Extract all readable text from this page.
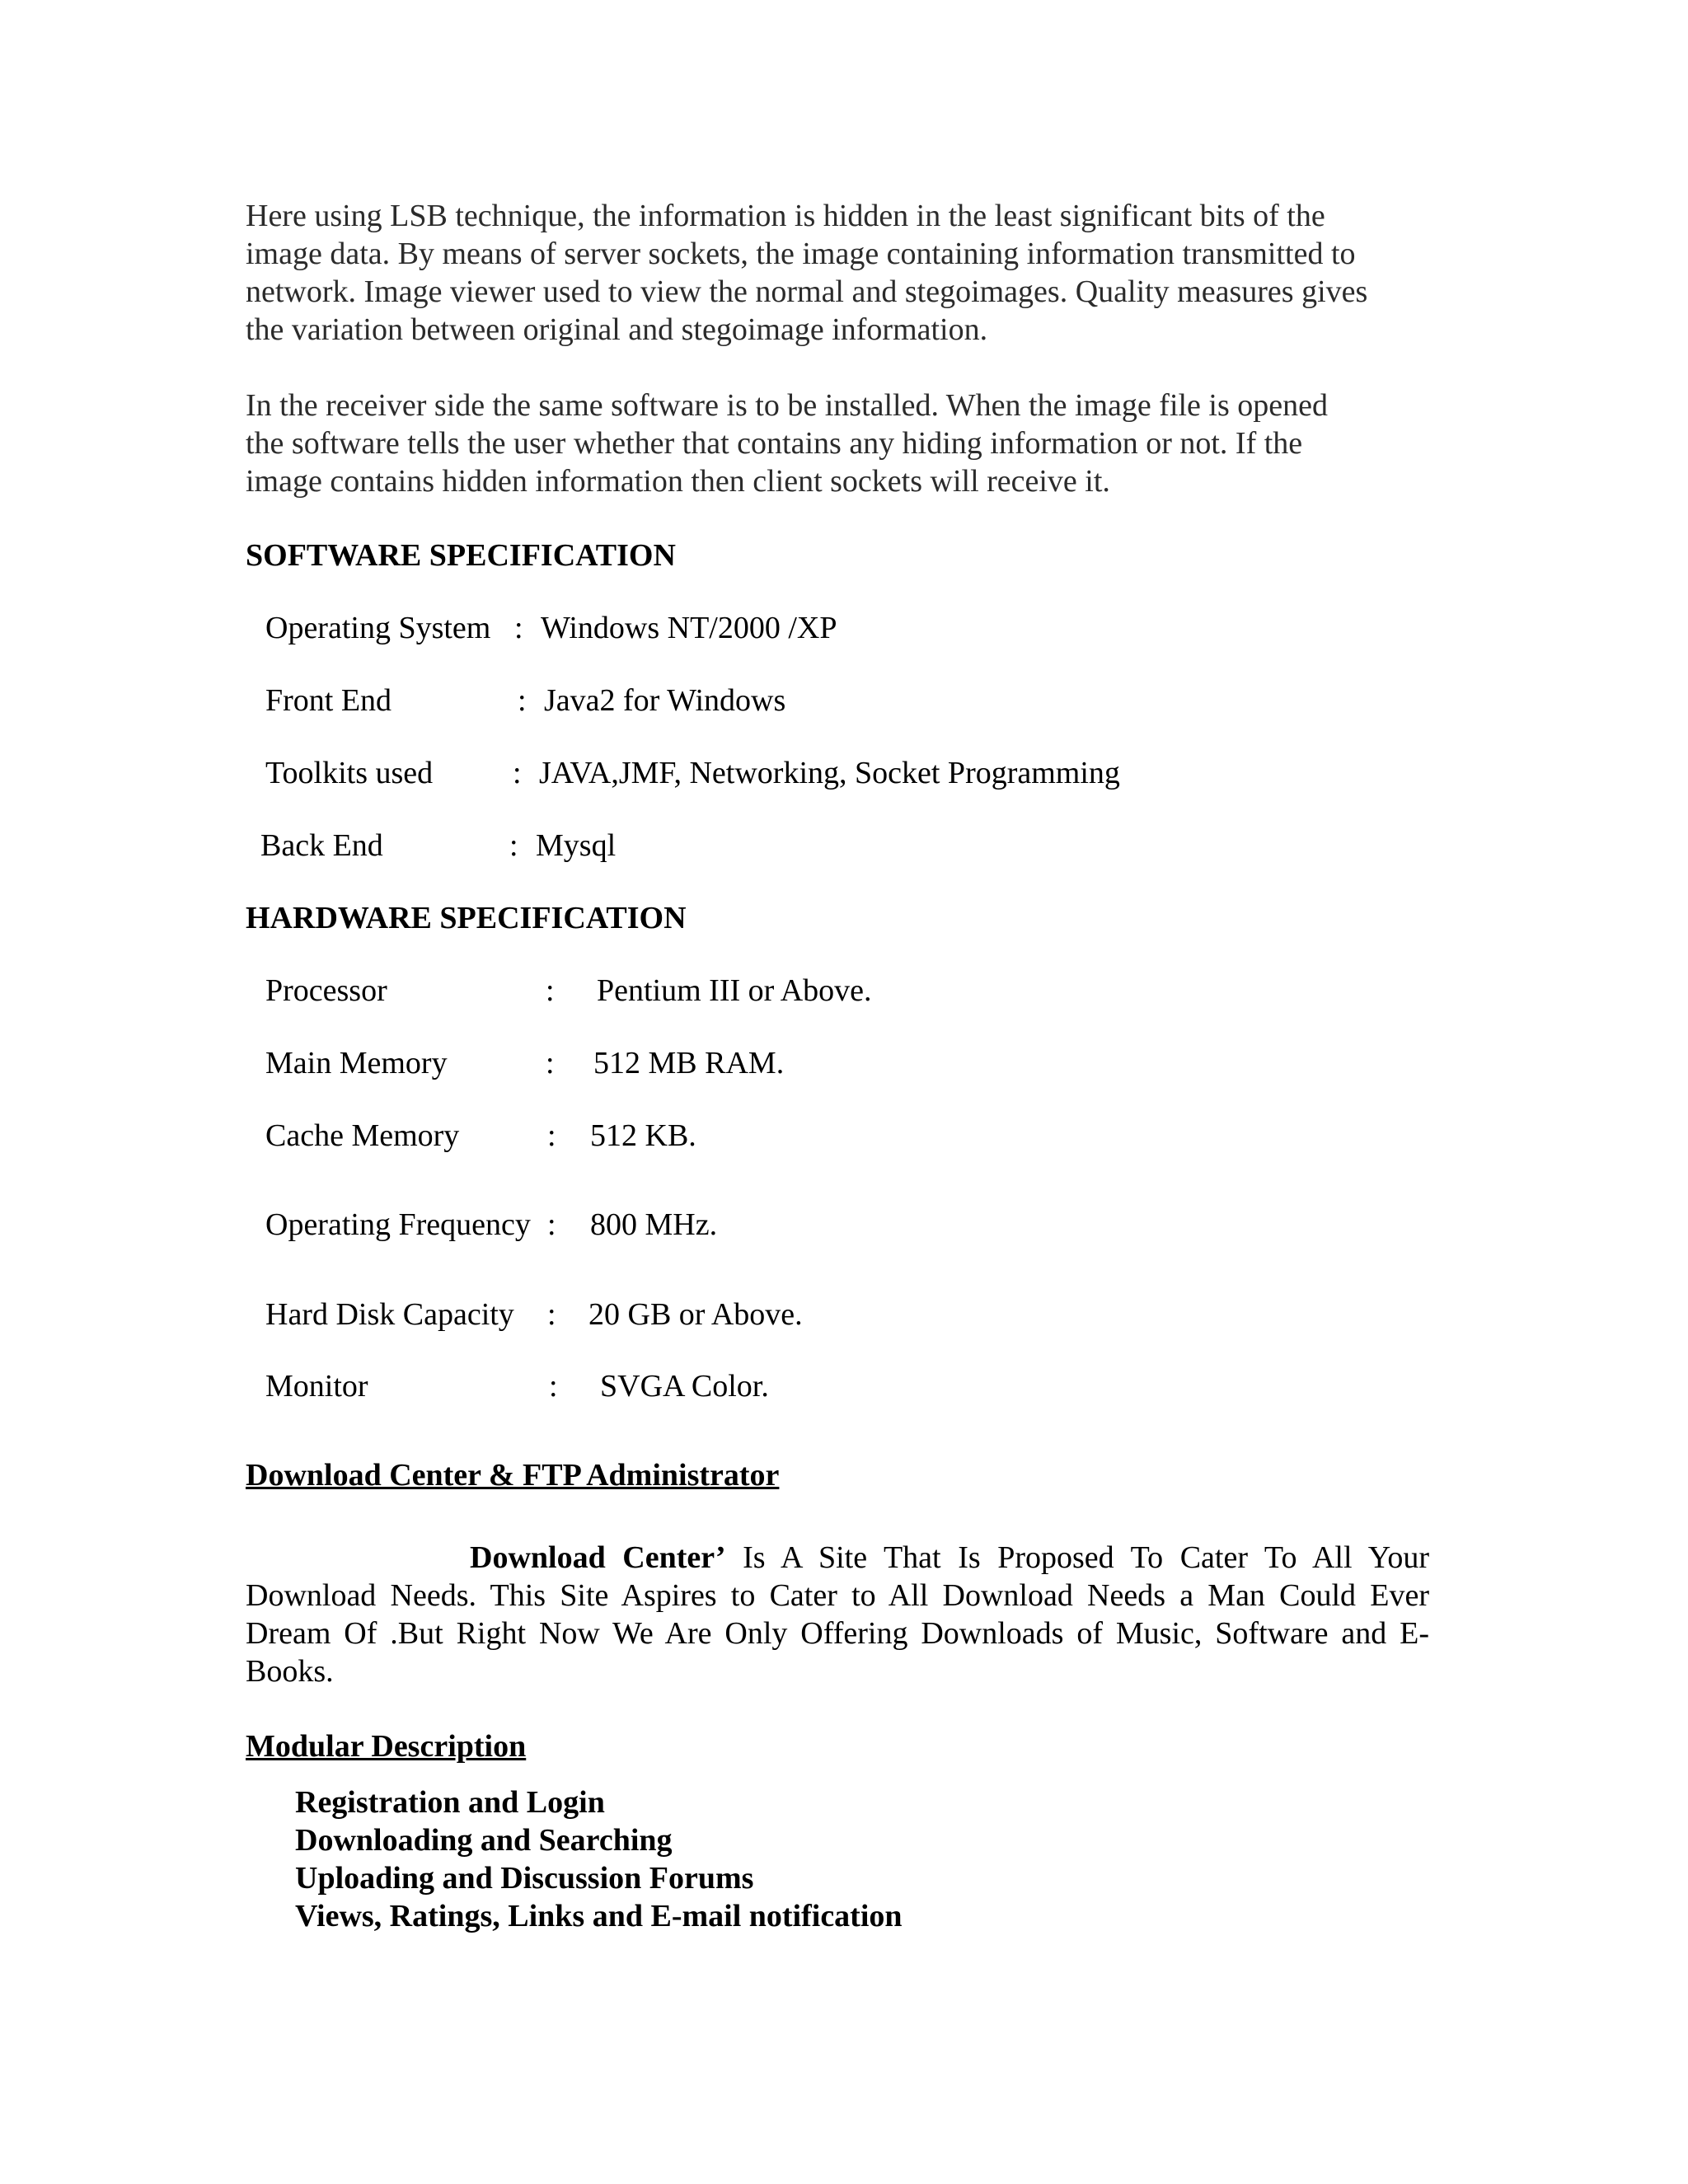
Here using LSB technique, the information is hidden in the least significant bits of the
image data. By means of server sockets, the image containing information transmitted to
network. Image viewer used to view the normal and stegoimages. Quality measures gives
the variation between original and stegoimage information.
In the receiver side the same software is to be installed. When the image file is opened
the software tells the user whether that contains any hiding information or not. If the
image contains hidden information then client sockets will receive it.
SOFTWARE SPECIFICATION
Operating System : Windows NT/2000 /XP
Front End	: Java2 for Windows
Toolkits used	: JAVA,JMF, Networking, Socket Programming
Back End	: Mysql
HARDWARE SPECIFICATION
Processor	: Pentium III or Above.
Main Memory	: 512 MB RAM.
Cache Memory	: 512 KB.
Operating Frequency : 800 MHz.
Hard Disk Capacity : 20 GB or Above.
Monitor	: SVGA Color.
Download Center & FTP Administrator
Download Center’ Is A Site That Is Proposed To Cater To All Your
Download Needs. This Site Aspires to Cater to All Download Needs a Man Could Ever
Dream Of .But Right Now We Are Only Offering Downloads of Music, Software and E-
Books.
Modular Description
Registration and Login
Downloading and Searching
Uploading and Discussion Forums
Views, Ratings, Links and E-mail notification
